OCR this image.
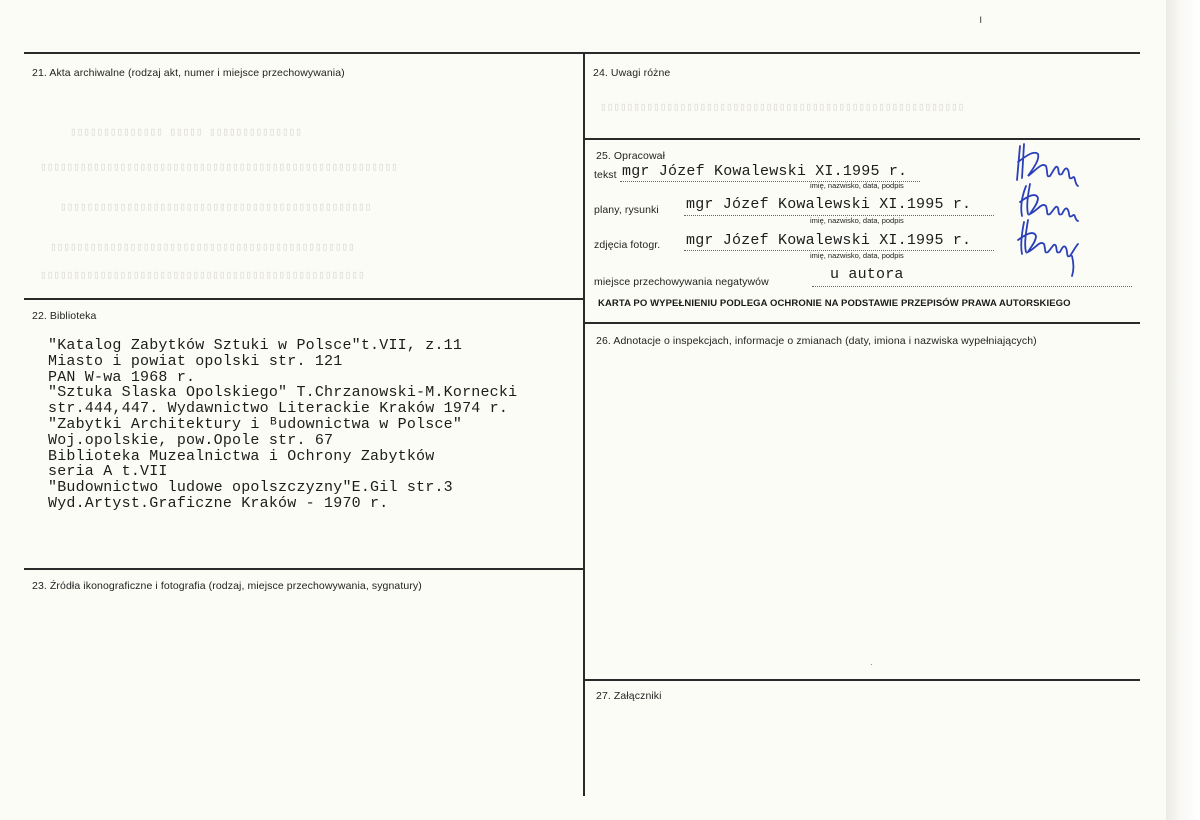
▯▯▯▯▯▯▯▯▯▯▯▯▯▯ ▯▯▯▯▯ ▯▯▯▯▯▯▯▯▯▯▯▯▯▯
▯▯▯▯▯▯▯▯▯▯▯▯▯▯▯▯▯▯▯▯▯▯▯▯▯▯▯▯▯▯▯▯▯▯▯▯▯▯▯▯▯▯▯▯▯▯▯▯▯▯▯▯▯▯
▯▯▯▯▯▯▯▯▯▯▯▯▯▯▯▯▯▯▯▯▯▯▯▯▯▯▯▯▯▯▯▯▯▯▯▯▯▯▯▯▯▯▯▯▯▯▯
▯▯▯▯▯▯▯▯▯▯▯▯▯▯▯▯▯▯▯▯▯▯▯▯▯▯▯▯▯▯▯▯▯▯▯▯▯▯▯▯▯▯▯▯▯▯
▯▯▯▯▯▯▯▯▯▯▯▯▯▯▯▯▯▯▯▯▯▯▯▯▯▯▯▯▯▯▯▯▯▯▯▯▯▯▯▯▯▯▯▯▯▯▯▯▯
▯▯▯▯▯▯▯▯▯▯▯▯▯▯▯▯▯▯▯▯▯▯▯▯▯▯▯▯▯▯▯▯▯▯▯▯▯▯▯▯▯▯▯▯▯▯▯▯▯▯▯▯▯▯▯
21. Akta archiwalne (rodzaj akt, numer i miejsce przechowywania)
22. Biblioteka
23. Źródła ikonograficzne i fotografia (rodzaj, miejsce przechowywania, sygnatury)
"Katalog Zabytków Sztuki w Polsce"t.VII, z.11
Miasto i powiat opolski str. 121
PAN W-wa 1968 r.
"Sztuka Slaska Opolskiego" T.Chrzanowski-M.Kornecki
str.444,447. Wydawnictwo Literackie Kraków 1974 r.
"Zabytki Architektury i ᴮudownictwa w Polsce"
Woj.opolskie, pow.Opole str. 67
Biblioteka Muzealnictwa i Ochrony Zabytków
seria A t.VII
"Budownictwo ludowe opolszczyzny"E.Gil str.3
Wyd.Artyst.Graficzne Kraków - 1970 r.
24. Uwagi różne
25. Opracował
tekst mgr Józef Kowalewski XI.1995 r.
imię, nazwisko, data, podpis
plany, rysunki mgr Józef Kowalewski XI.1995 r.
imię, nazwisko, data, podpis
zdjęcia fotogr. mgr Józef Kowalewski XI.1995 r.
imię, nazwisko, data, podpis
miejsce przechowywania negatywów	u autora
KARTA PO WYPEŁNIENIU PODLEGA OCHRONIE NA PODSTAWIE PRZEPISÓW PRAWA AUTORSKIEGO
26. Adnotacje o inspekcjach, informacje o zmianach (daty, imiona i nazwiska wypełniających)
27. Załączniki
ı
·
